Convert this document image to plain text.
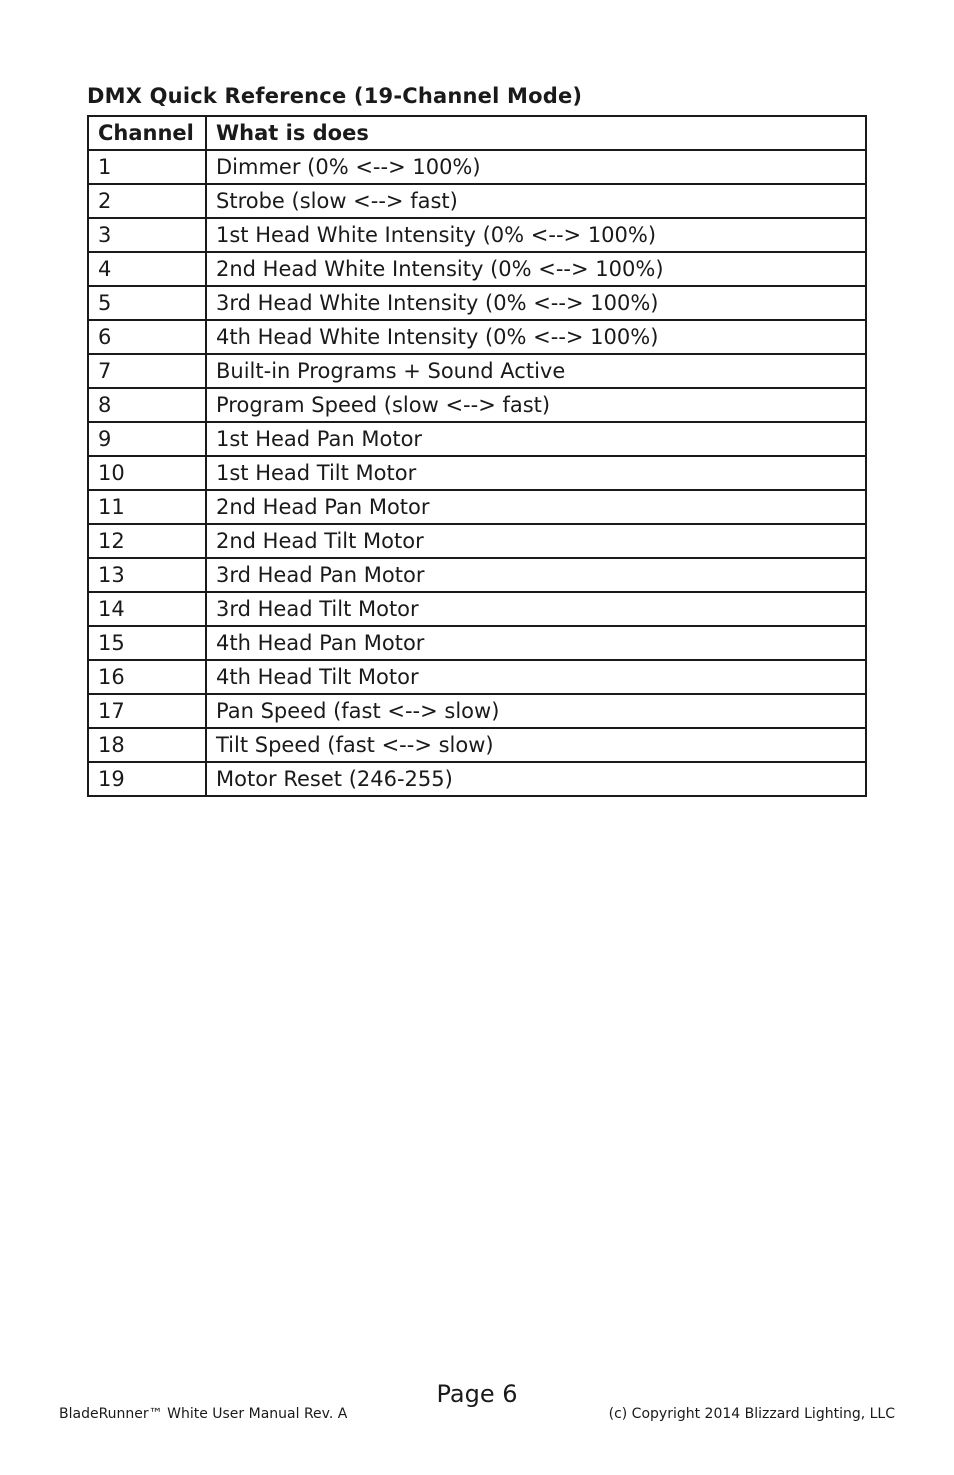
DMX Quick Reference (19-Channel Mode)
Channel	What is does
1	Dimmer (0% <--> 100%)
2	Strobe (slow <--> fast)
3	1st Head White Intensity (0% <--> 100%)
4	2nd Head White Intensity (0% <--> 100%)
5	3rd Head White Intensity (0% <--> 100%)
6	4th Head White Intensity (0% <--> 100%)
7	Built-in Programs + Sound Active
8	Program Speed (slow <--> fast)
9	1st Head Pan Motor
10	1st Head Tilt Motor
11	2nd Head Pan Motor
12	2nd Head Tilt Motor
13	3rd Head Pan Motor
14	3rd Head Tilt Motor
15	4th Head Pan Motor
16	4th Head Tilt Motor
17	Pan Speed (fast <--> slow)
18	Tilt Speed (fast <--> slow)
19	Motor Reset (246-255)
Page 6
BladeRunner™ White User Manual Rev. A	(c) Copyright 2014 Blizzard Lighting, LLC
